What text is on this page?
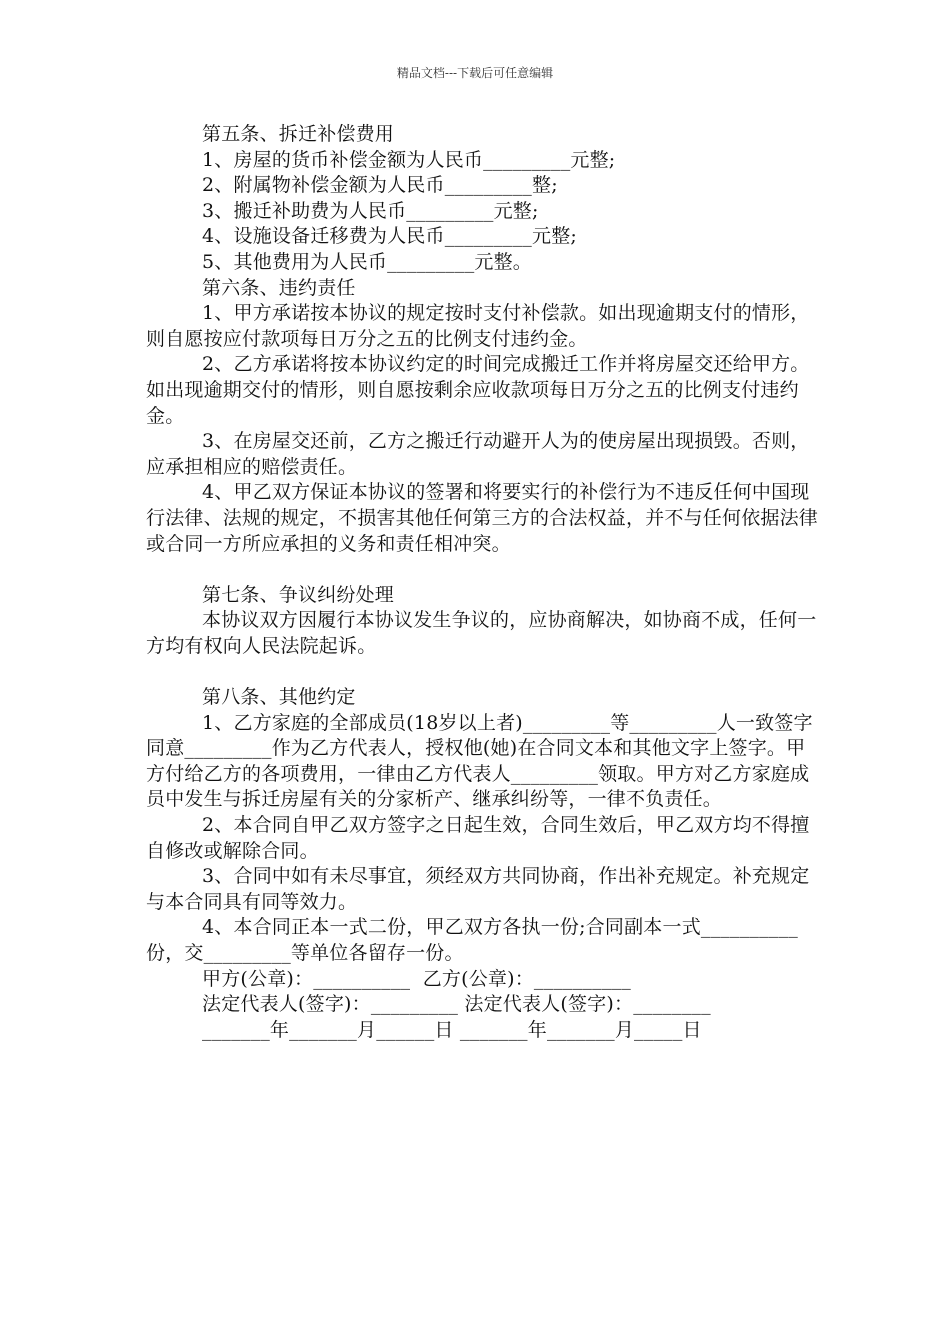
精品文档---下载后可任意编辑

第五条、拆迁补偿费用

1、房屋的货币补偿金额为人民币_________元整;

2、附属物补偿金额为人民币_________整;

3、搬迁补助费为人民币_________元整;

4、设施设备迁移费为人民币_________元整;

5、其他费用为人民币_________元整。

第六条、违约责任

1、甲方承诺按本协议的规定按时支付补偿款。如出现逾期支付的情形，则自愿按应付款项每日万分之五的比例支付违约金。

2、乙方承诺将按本协议约定的时间完成搬迁工作并将房屋交还给甲方。如出现逾期交付的情形，则自愿按剩余应收款项每日万分之五的比例支付违约金。

3、在房屋交还前，乙方之搬迁行动避开人为的使房屋出现损毁。否则，应承担相应的赔偿责任。

4、甲乙双方保证本协议的签署和将要实行的补偿行为不违反任何中国现行法律、法规的规定，不损害其他任何第三方的合法权益，并不与任何依据法律或合同一方所应承担的义务和责任相冲突。

第七条、争议纠纷处理

本协议双方因履行本协议发生争议的，应协商解决，如协商不成，任何一方均有权向人民法院起诉。

第八条、其他约定

1、乙方家庭的全部成员(18岁以上者)_________等_________人一致签字同意_________作为乙方代表人，授权他(她)在合同文本和其他文字上签字。甲方付给乙方的各项费用，一律由乙方代表人_________领取。甲方对乙方家庭成员中发生与拆迁房屋有关的分家析产、继承纠纷等，一律不负责任。

2、本合同自甲乙双方签字之日起生效，合同生效后，甲乙双方均不得擅自修改或解除合同。

3、合同中如有未尽事宜，须经双方共同协商，作出补充规定。补充规定与本合同具有同等效力。

4、本合同正本一式二份，甲乙双方各执一份;合同副本一式__________份，交_________等单位各留存一份。

甲方(公章)：__________  乙方(公章)：__________

法定代表人(签字)：_________ 法定代表人(签字)：________

_______年_______月______日 _______年_______月_____日
